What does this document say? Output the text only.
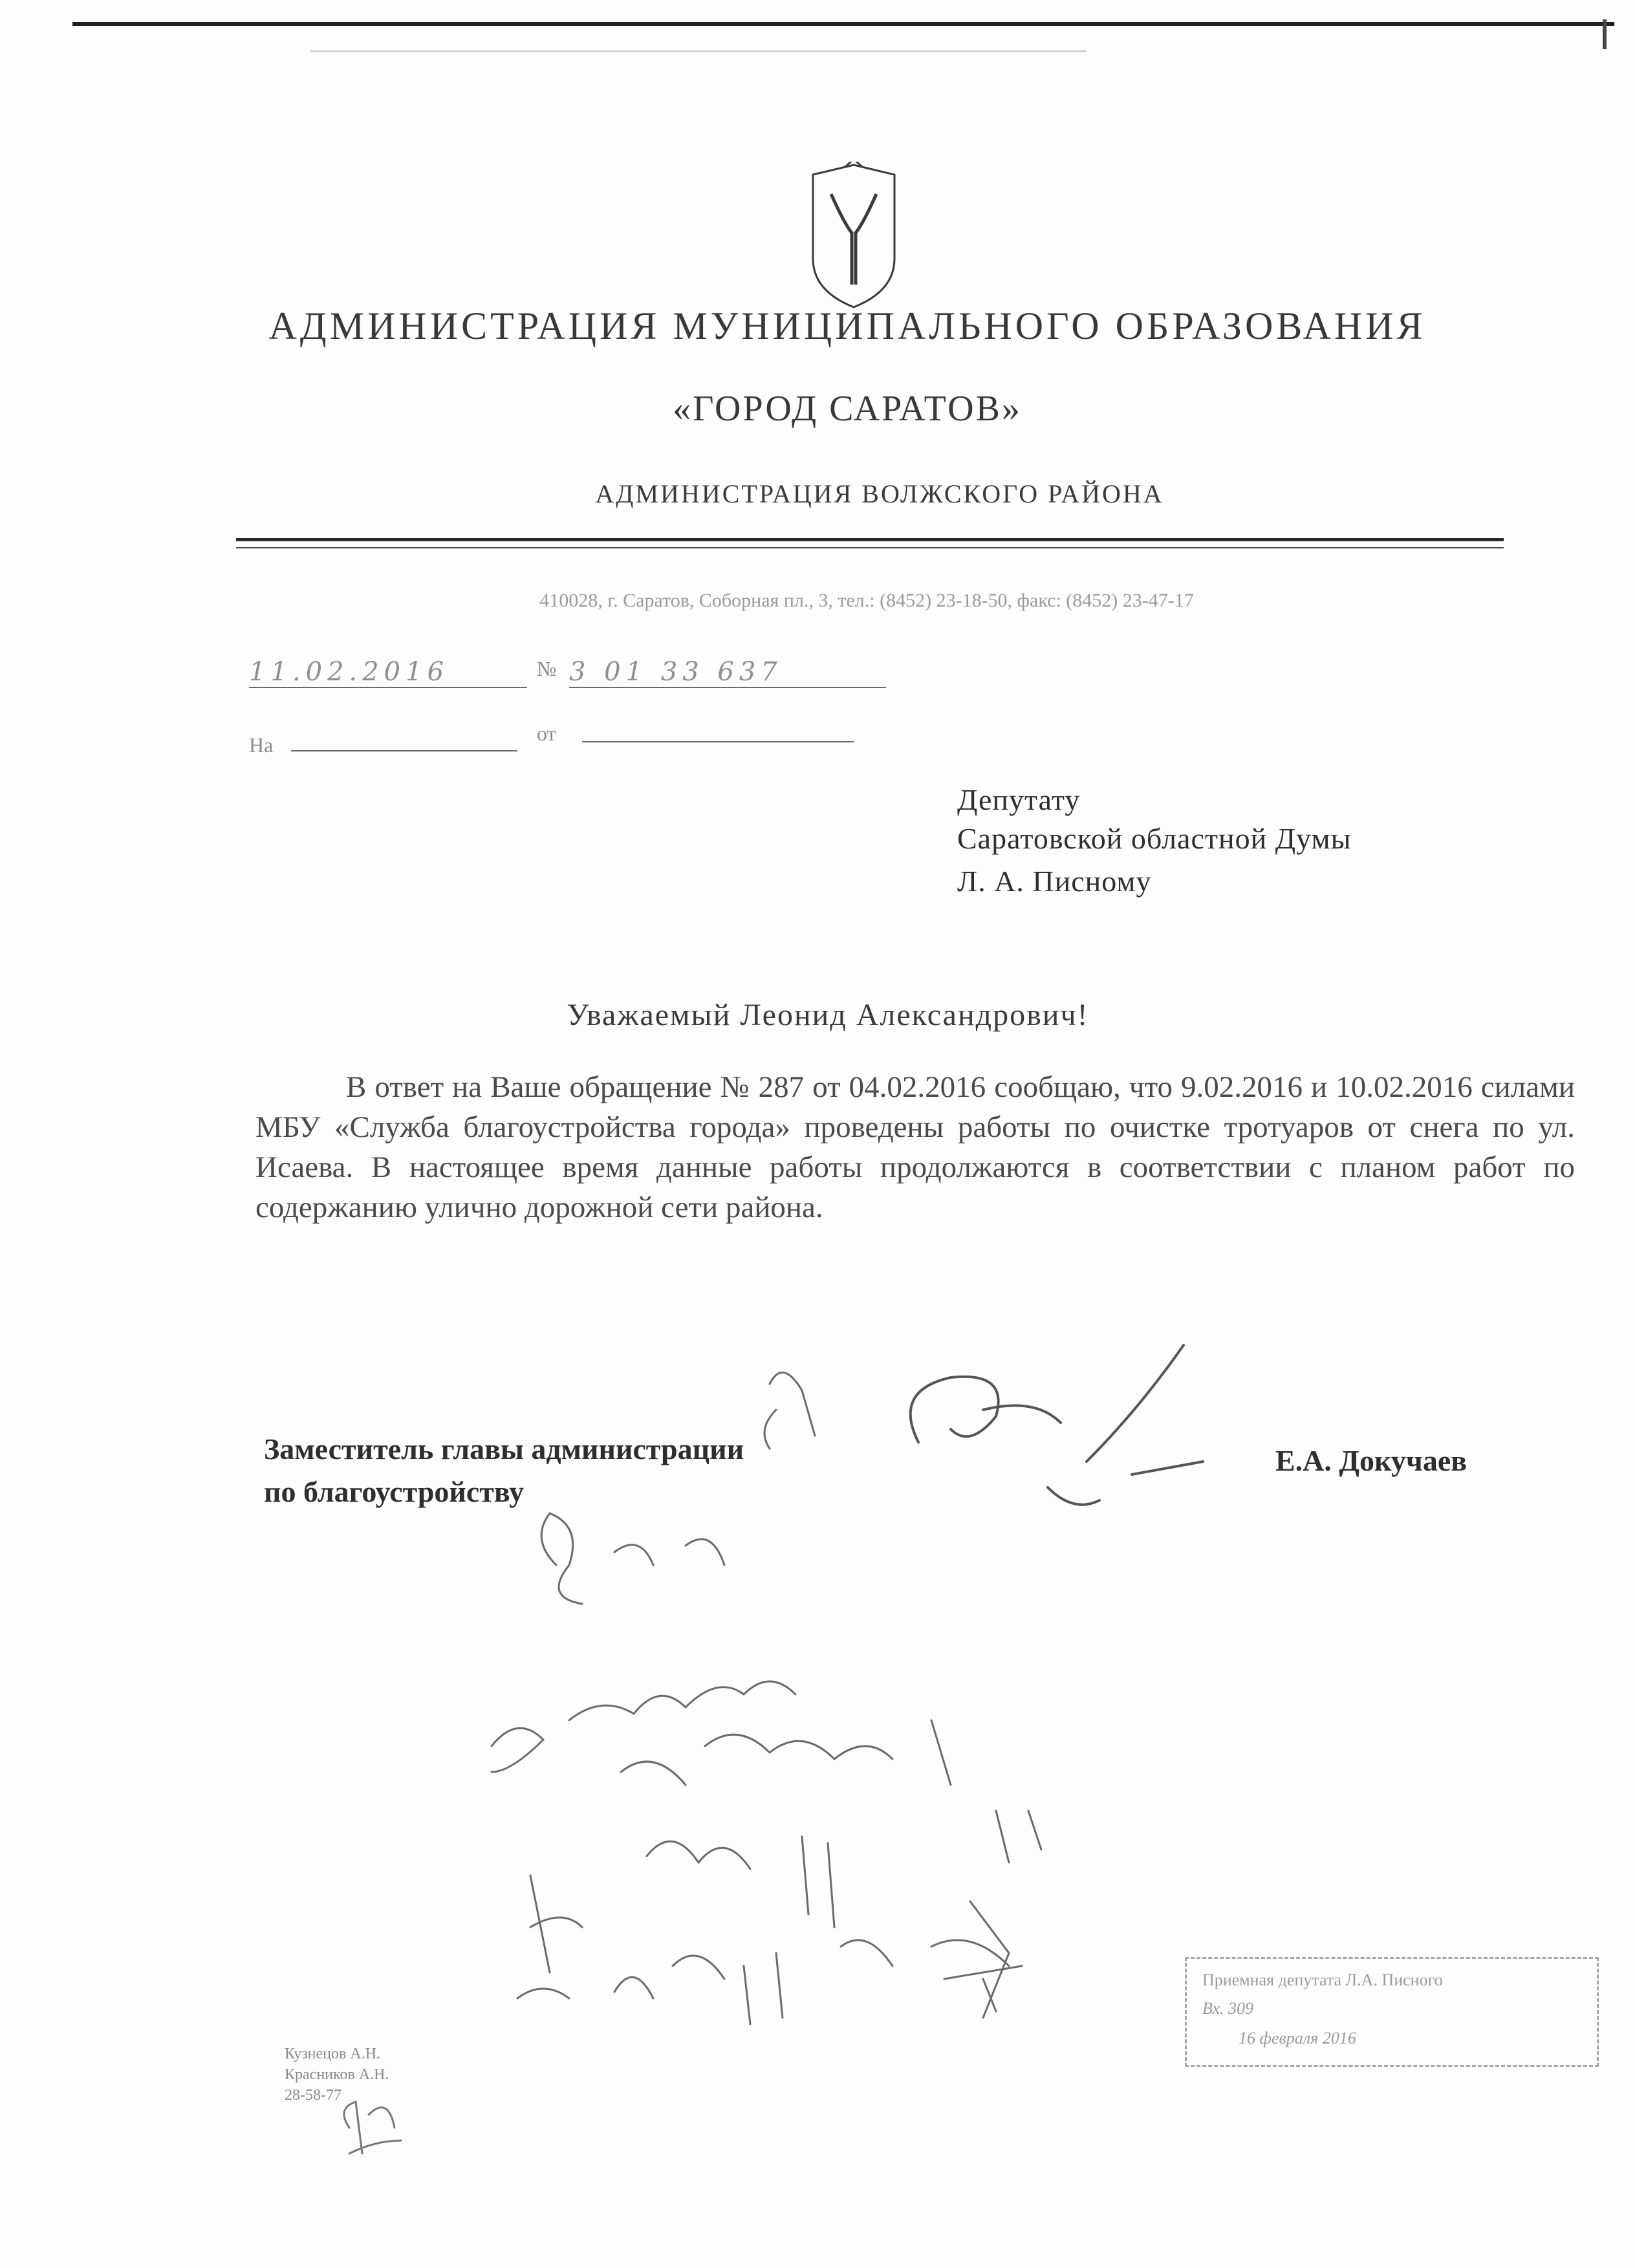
АДМИНИСТРАЦИЯ МУНИЦИПАЛЬНОГО ОБРАЗОВАНИЯ
«ГОРОД САРАТОВ»
АДМИНИСТРАЦИЯ ВОЛЖСКОГО РАЙОНА
410028, г. Саратов, Соборная пл., 3, тел.: (8452) 23-18-50, факс: (8452) 23-47-17
11.02.2016	№ 3 01 33 637
На	от
Депутату
Саратовской областной Думы
Л. А. Писному
Уважаемый Леонид Александрович!

В ответ на Ваше обращение № 287 от 04.02.2016 сообщаю, что 9.02.2016 и 10.02.2016 силами МБУ «Служба благоустройства города» проведены работы по очистке тротуаров от снега по ул. Исаева. В настоящее время данные работы продолжаются в соответствии с планом работ по содержанию улично дорожной сети района.

Заместитель главы администрации
по благоустройству
Е.А. Докучаев
Кузнецов А.Н.
Красников А.Н.
28-58-77
Приемная депутата Л.А. Писного
Вх. 309
16 февраля 2016
